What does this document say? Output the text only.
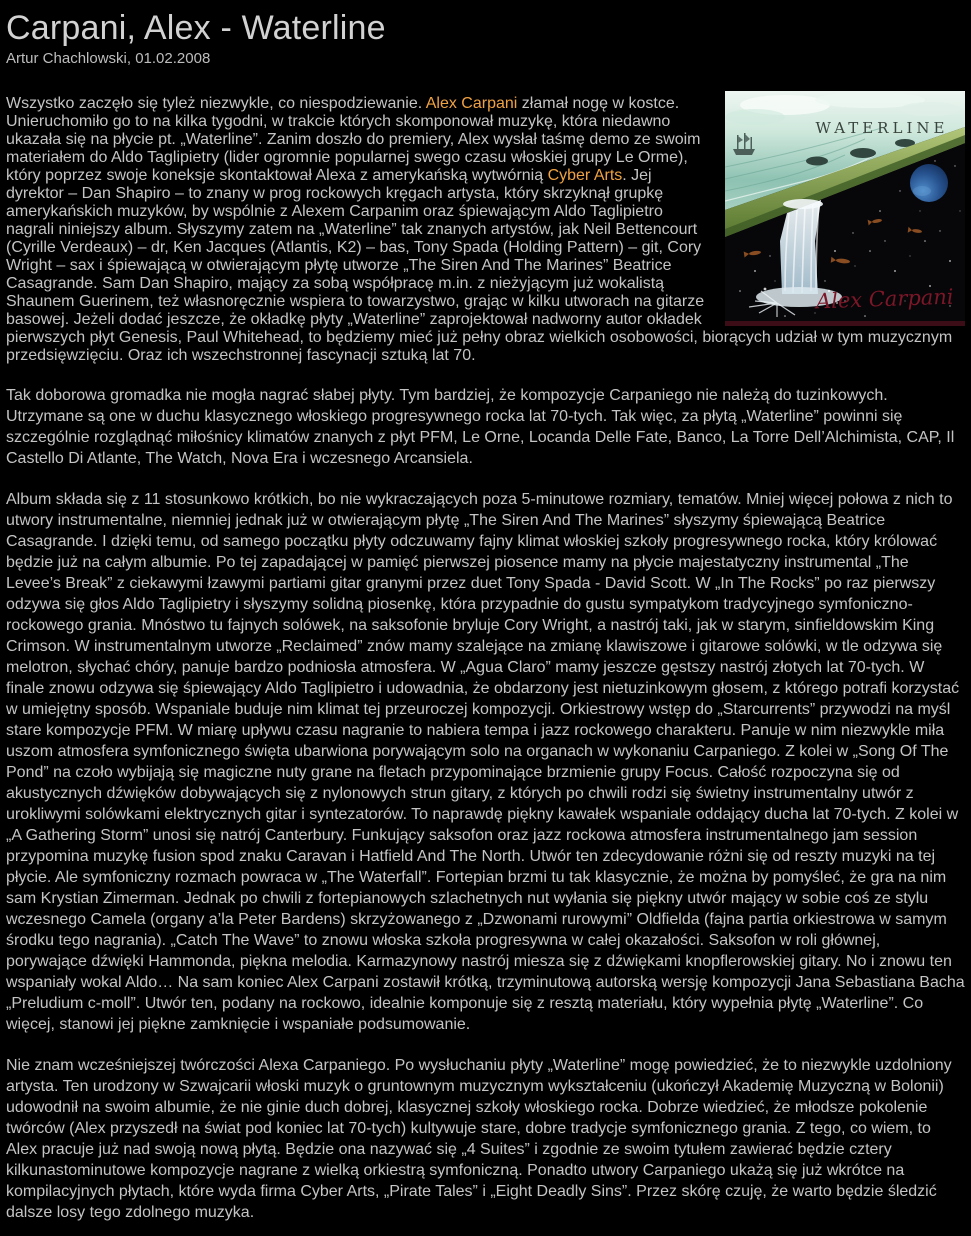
Carpani, Alex - Waterline
Artur Chachlowski, 01.02.2008

WATERLINE
Alex Carpani
Wszystko zaczęło się tyleż niezwykle, co niespodziewanie. Alex Carpani złamał nogę w kostce. Unieruchomiło go to na kilka tygodni, w trakcie których skomponował muzykę, która niedawno ukazała się na płycie pt. „Waterline”. Zanim doszło do premiery, Alex wysłał taśmę demo ze swoim materiałem do Aldo Taglipietry (lider ogromnie popularnej swego czasu włoskiej grupy Le Orme), który poprzez swoje koneksje skontaktował Alexa z amerykańską wytwórnią Cyber Arts. Jej dyrektor – Dan Shapiro – to znany w prog rockowych kręgach artysta, który skrzyknął grupkę amerykańskich muzyków, by wspólnie z Alexem Carpanim oraz śpiewającym Aldo Taglipietro nagrali niniejszy album. Słyszymy zatem na „Waterline” tak znanych artystów, jak Neil Bettencourt (Cyrille Verdeaux) – dr, Ken Jacques (Atlantis, K2) – bas, Tony Spada (Holding Pattern) – git, Cory Wright – sax i śpiewającą w otwierającym płytę utworze „The Siren And The Marines” Beatrice Casagrande. Sam Dan Shapiro, mający za sobą współpracę m.in. z nieżyjącym już wokalistą Shaunem Guerinem, też własnoręcznie wspiera to towarzystwo, grając w kilku utworach na gitarze basowej. Jeżeli dodać jeszcze, że okładkę płyty „Waterline” zaprojektował nadworny autor okładek pierwszych płyt Genesis, Paul Whitehead, to będziemy mieć już pełny obraz wielkich osobowości, biorących udział w tym muzycznym przedsięwzięciu. Oraz ich wszechstronnej fascynacji sztuką lat 70.

Tak doborowa gromadka nie mogła nagrać słabej płyty. Tym bardziej, że kompozycje Carpaniego nie należą do tuzinkowych. Utrzymane są one w duchu klasycznego włoskiego progresywnego rocka lat 70-tych. Tak więc, za płytą „Waterline” powinni się szczególnie rozglądnąć miłośnicy klimatów znanych z płyt PFM, Le Orne, Locanda Delle Fate, Banco, La Torre Dell’Alchimista, CAP, Il Castello Di Atlante, The Watch, Nova Era i wczesnego Arcansiela.

Album składa się z 11 stosunkowo krótkich, bo nie wykraczających poza 5-minutowe rozmiary, tematów. Mniej więcej połowa z nich to utwory instrumentalne, niemniej jednak już w otwierającym płytę „The Siren And The Marines” słyszymy śpiewającą Beatrice Casagrande. I dzięki temu, od samego początku płyty odczuwamy fajny klimat włoskiej szkoły progresywnego rocka, który królować będzie już na całym albumie. Po tej zapadającej w pamięć pierwszej piosence mamy na płycie majestatyczny instrumental „The Levee’s Break” z ciekawymi łzawymi partiami gitar granymi przez duet Tony Spada - David Scott. W „In The Rocks” po raz pierwszy odzywa się głos Aldo Taglipietry i słyszymy solidną piosenkę, która przypadnie do gustu sympatykom tradycyjnego symfoniczno-rockowego grania. Mnóstwo tu fajnych solówek, na saksofonie bryluje Cory Wright, a nastrój taki, jak w starym, sinfieldowskim King Crimson. W instrumentalnym utworze „Reclaimed” znów mamy szalejące na zmianę klawiszowe i gitarowe solówki, w tle odzywa się melotron, słychać chóry, panuje bardzo podniosła atmosfera. W „Agua Claro” mamy jeszcze gęstszy nastrój złotych lat 70-tych. W finale znowu odzywa się śpiewający Aldo Taglipietro i udowadnia, że obdarzony jest nietuzinkowym głosem, z którego potrafi korzystać w umiejętny sposób. Wspaniale buduje nim klimat tej przeuroczej kompozycji. Orkiestrowy wstęp do „Starcurrents” przywodzi na myśl stare kompozycje PFM. W miarę upływu czasu nagranie to nabiera tempa i jazz rockowego charakteru. Panuje w nim niezwykle miła uszom atmosfera symfonicznego święta ubarwiona porywającym solo na organach w wykonaniu Carpaniego. Z kolei w „Song Of The Pond” na czoło wybijają się magiczne nuty grane na fletach przypominające brzmienie grupy Focus. Całość rozpoczyna się od akustycznych dźwięków dobywających się z nylonowych strun gitary, z których po chwili rodzi się świetny instrumentalny utwór z urokliwymi solówkami elektrycznych gitar i syntezatorów. To naprawdę piękny kawałek wspaniale oddający ducha lat 70-tych. Z kolei w „A Gathering Storm” unosi się natrój Canterbury. Funkujący saksofon oraz jazz rockowa atmosfera instrumentalnego jam session przypomina muzykę fusion spod znaku Caravan i Hatfield And The North. Utwór ten zdecydowanie różni się od reszty muzyki na tej płycie. Ale symfoniczny rozmach powraca w „The Waterfall”. Fortepian brzmi tu tak klasycznie, że można by pomyśleć, że gra na nim sam Krystian Zimerman. Jednak po chwili z fortepianowych szlachetnych nut wyłania się piękny utwór mający w sobie coś ze stylu wczesnego Camela (organy a’la Peter Bardens) skrzyżowanego z „Dzwonami rurowymi” Oldfielda (fajna partia orkiestrowa w samym środku tego nagrania). „Catch The Wave” to znowu włoska szkoła progresywna w całej okazałości. Saksofon w roli głównej, porywające dźwięki Hammonda, piękna melodia. Karmazynowy nastrój miesza się z dźwiękami knopflerowskiej gitary. No i znowu ten wspaniały wokal Aldo… Na sam koniec Alex Carpani zostawił krótką, trzyminutową autorską wersję kompozycji Jana Sebastiana Bacha „Preludium c-moll”. Utwór ten, podany na rockowo, idealnie komponuje się z resztą materiału, który wypełnia płytę „Waterline”. Co więcej, stanowi jej piękne zamknięcie i wspaniałe podsumowanie.

Nie znam wcześniejszej twórczości Alexa Carpaniego. Po wysłuchaniu płyty „Waterline” mogę powiedzieć, że to niezwykle uzdolniony artysta. Ten urodzony w Szwajcarii włoski muzyk o gruntownym muzycznym wykształceniu (ukończył Akademię Muzyczną w Bolonii) udowodnił na swoim albumie, że nie ginie duch dobrej, klasycznej szkoły włoskiego rocka. Dobrze wiedzieć, że młodsze pokolenie twórców (Alex przyszedł na świat pod koniec lat 70-tych) kultywuje stare, dobre tradycje symfonicznego grania. Z tego, co wiem, to Alex pracuje już nad swoją nową płytą. Będzie ona nazywać się „4 Suites” i zgodnie ze swoim tytułem zawierać będzie cztery kilkunastominutowe kompozycje nagrane z wielką orkiestrą symfoniczną. Ponadto utwory Carpaniego ukażą się już wkrótce na kompilacyjnych płytach, które wyda firma Cyber Arts, „Pirate Tales” i „Eight Deadly Sins”. Przez skórę czuję, że warto będzie śledzić dalsze losy tego zdolnego muzyka.
